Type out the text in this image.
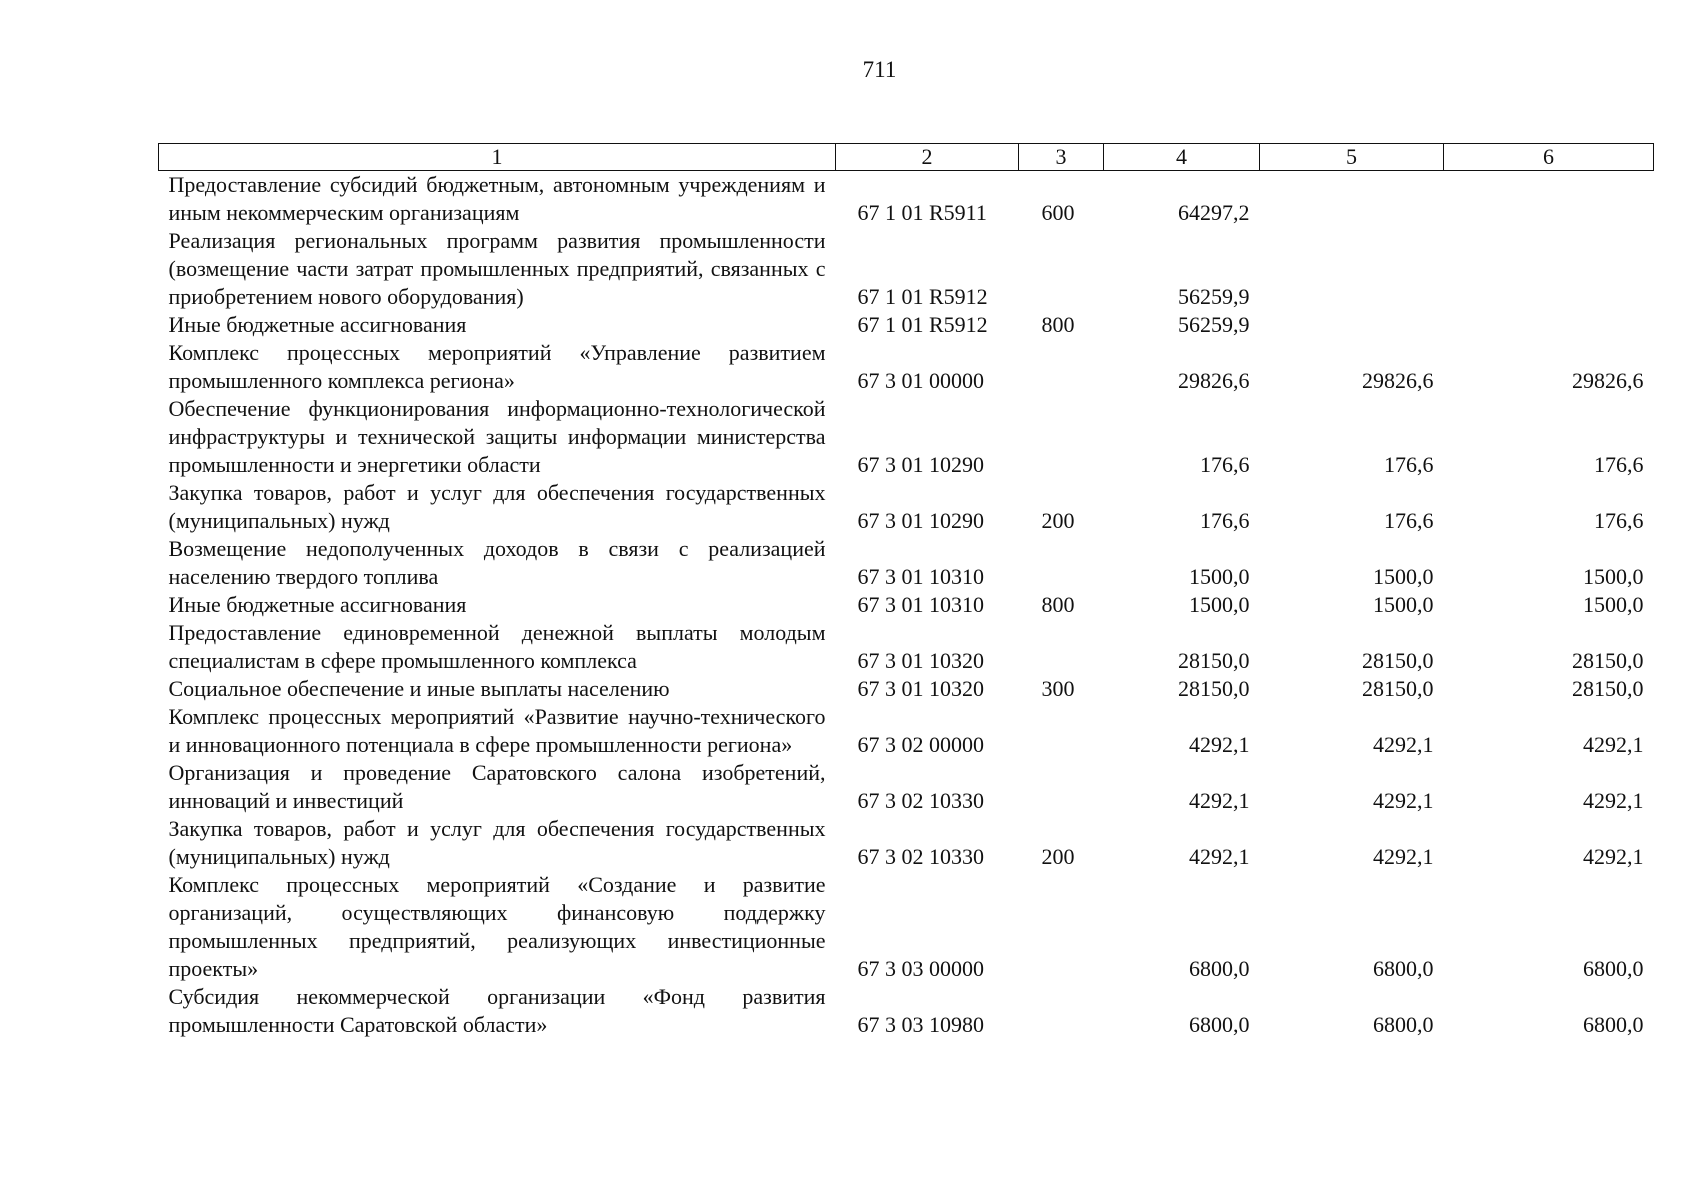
711
1	2	3	4	5	6
Предоставление субсидий бюджетным, автономным учреждениям и иным некоммерческим организациям	67 1 01 R5911	600	64297,2		
Реализация региональных программ развития промышленности (возмещение части затрат промышленных предприятий, связанных с приобретением нового оборудования)	67 1 01 R5912		56259,9		
Иные бюджетные ассигнования	67 1 01 R5912	800	56259,9		
Комплекс процессных мероприятий «Управление развитием промышленного комплекса региона»	67 3 01 00000		29826,6	29826,6	29826,6
Обеспечение функционирования информационно-технологической инфраструктуры и технической защиты информации министерства промышленности и энергетики области	67 3 01 10290		176,6	176,6	176,6
Закупка товаров, работ и услуг для обеспечения государственных (муниципальных) нужд	67 3 01 10290	200	176,6	176,6	176,6
Возмещение недополученных доходов в связи с реализацией населению твердого топлива	67 3 01 10310		1500,0	1500,0	1500,0
Иные бюджетные ассигнования	67 3 01 10310	800	1500,0	1500,0	1500,0
Предоставление единовременной денежной выплаты молодым специалистам в сфере промышленного комплекса	67 3 01 10320		28150,0	28150,0	28150,0
Социальное обеспечение и иные выплаты населению	67 3 01 10320	300	28150,0	28150,0	28150,0
Комплекс процессных мероприятий «Развитие научно-технического и инновационного потенциала в сфере промышленности региона»	67 3 02 00000		4292,1	4292,1	4292,1
Организация и проведение Саратовского салона изобретений, инноваций и инвестиций	67 3 02 10330		4292,1	4292,1	4292,1
Закупка товаров, работ и услуг для обеспечения государственных (муниципальных) нужд	67 3 02 10330	200	4292,1	4292,1	4292,1
Комплекс процессных мероприятий «Создание и развитие организаций, осуществляющих финансовую поддержку промышленных предприятий, реализующих инвестиционные проекты»	67 3 03 00000		6800,0	6800,0	6800,0
Субсидия некоммерческой организации «Фонд развития промышленности Саратовской области»	67 3 03 10980		6800,0	6800,0	6800,0
